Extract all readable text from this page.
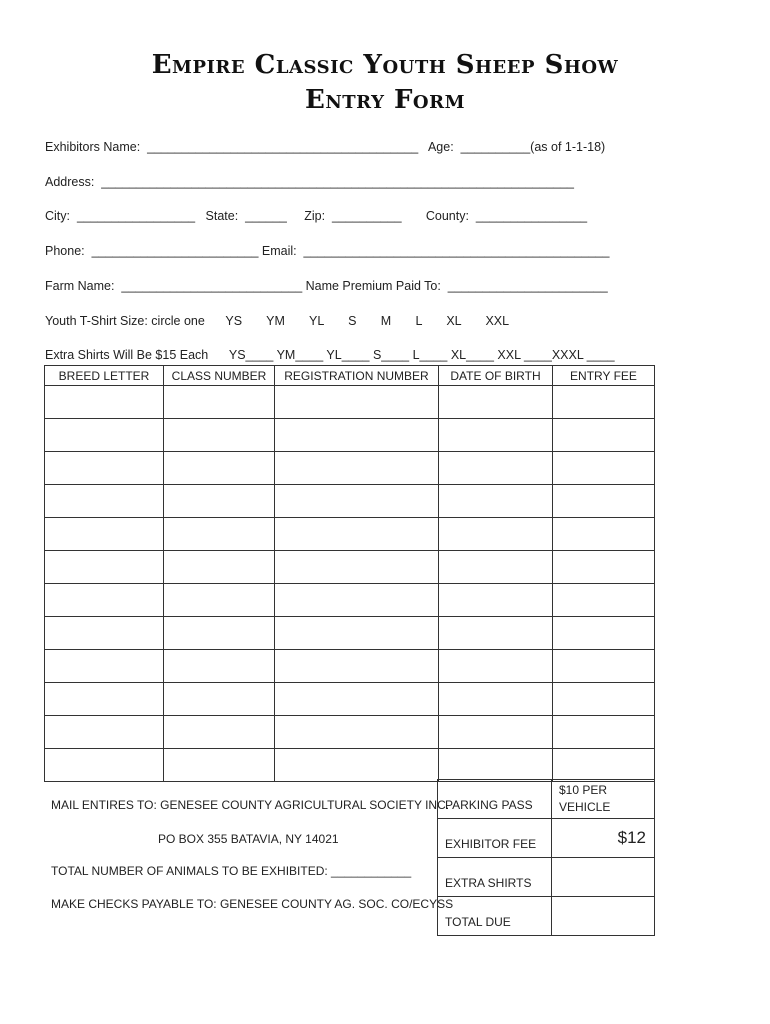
Empire Classic Youth Sheep Show
Entry Form
Exhibitors Name:  _______________________________________   Age:  __________(as of 1-1-18)
Address:  ____________________________________________________________________
City:  _________________   State:  ______     Zip:  __________       County:  ________________
Phone:  ________________________ Email:  ____________________________________________
Farm Name:  __________________________ Name Premium Paid To:  _______________________
Youth T-Shirt Size: circle one      YS       YM       YL       S       M       L       XL       XXL
Extra Shirts Will Be $15 Each      YS____ YM____ YL____ S____ L____ XL____ XXL ____XXXL ____
BREED LETTER	CLASS NUMBER	REGISTRATION NUMBER	DATE OF BIRTH	ENTRY FEE

MAIL ENTIRES TO: GENESEE COUNTY AGRICULTURAL SOCIETY INC.
PO BOX 355 BATAVIA, NY 14021
TOTAL NUMBER OF ANIMALS TO BE EXHIBITED: ____________
MAKE CHECKS PAYABLE TO: GENESEE COUNTY AG. SOC. CO/ECYSS
PARKING PASS	$10 PER
VEHICLE

EXHIBITOR FEE	$12
EXTRA SHIRTS	
TOTAL DUE	
